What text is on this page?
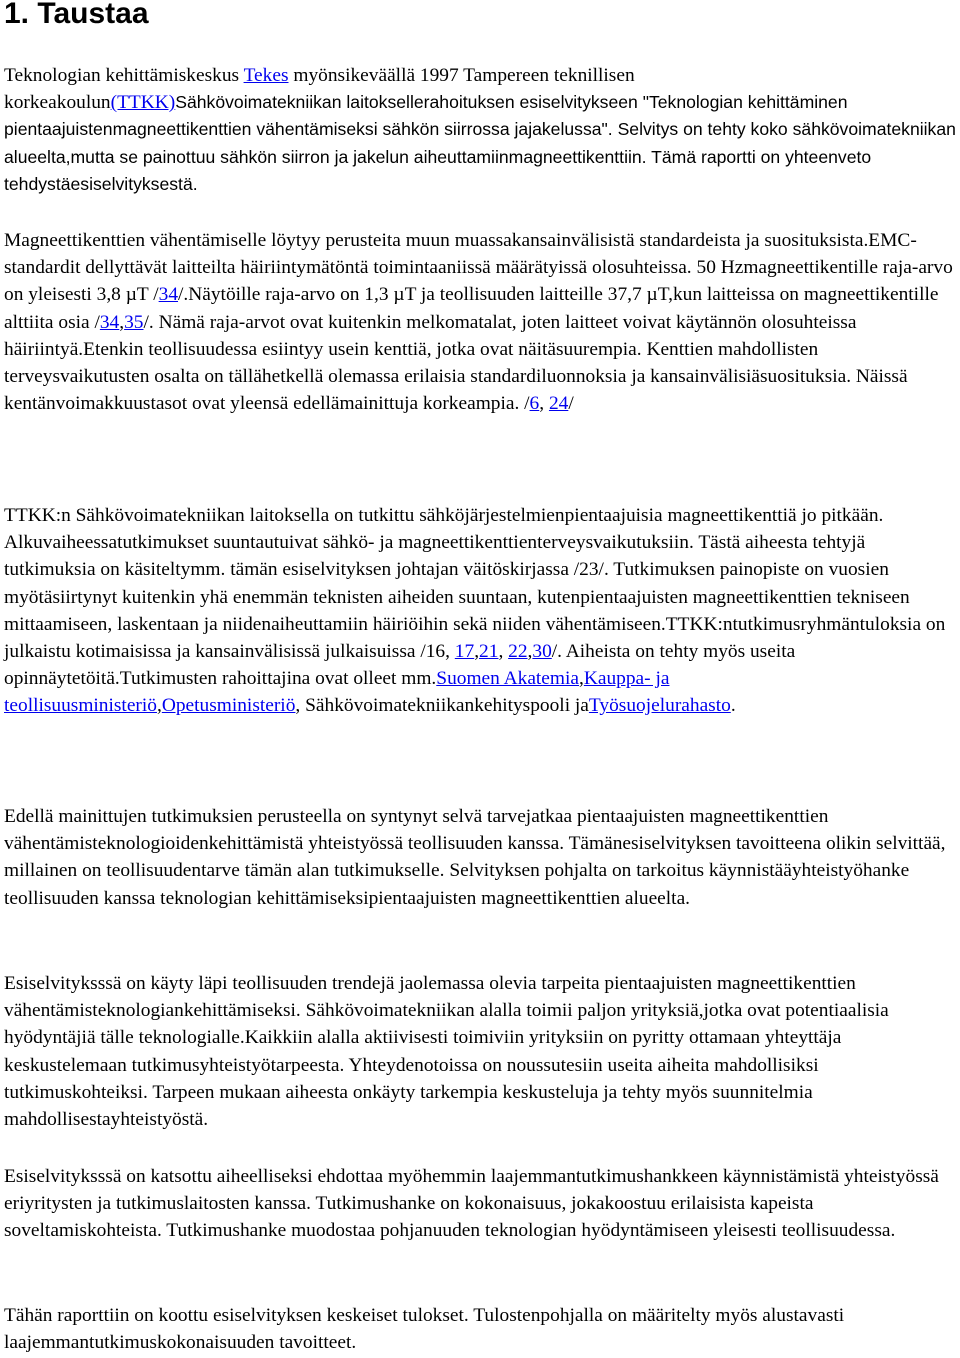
1. Taustaa

Teknologian kehittämiskeskus Tekes myönsikeväällä 1997 Tampereen teknillisen korkeakoulun(TTKK)Sähkövoimatekniikan laitoksellerahoituksen esiselvitykseen "Teknologian kehittäminen pientaajuistenmagneettikenttien vähentämiseksi sähkön siirrossa jajakelussa". Selvitys on tehty koko sähkövoimatekniikan alueelta,mutta se painottuu sähkön siirron ja jakelun aiheuttamiinmagneettikenttiin. Tämä raportti on yhteenveto tehdystäesiselvityksestä.

Magneettikenttien vähentämiselle löytyy perusteita muun muassakansainvälisistä standardeista ja suosituksista.EMC-standardit dellyttävät laitteilta häiriintymätöntä toimintaaniissä määrätyissä olosuhteissa. 50 Hzmagneettikentille raja-arvo on yleisesti 3,8 µT /34/.Näytöille raja-arvo on 1,3 µT ja teollisuuden laitteille 37,7 µT,kun laitteissa on magneettikentille alttiita osia /34,35/. Nämä raja-arvot ovat kuitenkin melkomatalat, joten laitteet voivat käytännön olosuhteissa häiriintyä.Etenkin teollisuudessa esiintyy usein kenttiä, jotka ovat näitäsuurempia. Kenttien mahdollisten terveysvaikutusten osalta on tällähetkellä olemassa erilaisia standardiluonnoksia ja kansainvälisiäsuosituksia. Näissä kentänvoimakkuustasot ovat yleensä edellämainittuja korkeampia. /6, 24/

TTKK:n Sähkövoimatekniikan laitoksella on tutkittu sähköjärjestelmienpientaajuisia magneettikenttiä jo pitkään. Alkuvaiheessatutkimukset suuntautuivat sähkö- ja magneettikenttienterveysvaikutuksiin. Tästä aiheesta tehtyjä tutkimuksia on käsiteltymm. tämän esiselvityksen johtajan väitöskirjassa /23/. Tutkimuksen painopiste on vuosien myötäsiirtynyt kuitenkin yhä enemmän teknisten aiheiden suuntaan, kutenpientaajuisten magneettikenttien tekniseen mittaamiseen, laskentaan ja niidenaiheuttamiin häiriöihin sekä niiden vähentämiseen.TTKK:ntutkimusryhmäntuloksia on julkaistu kotimaisissa ja kansainvälisissä julkaisuissa /16, 17,21, 22,30/. Aiheista on tehty myös useita opinnäytetöitä.Tutkimusten rahoittajina ovat olleet mm.Suomen Akatemia,Kauppa- ja teollisuusministeriö,Opetusministeriö, Sähkövoimatekniikankehityspooli jaTyösuojelurahasto.

Edellä mainittujen tutkimuksien perusteella on syntynyt selvä tarvejatkaa pientaajuisten magneettikenttien vähentämisteknologioidenkehittämistä yhteistyössä teollisuuden kanssa. Tämänesiselvityksen tavoitteena olikin selvittää, millainen on teollisuudentarve tämän alan tutkimukselle. Selvityksen pohjalta on tarkoitus käynnistääyhteistyöhanke teollisuuden kanssa teknologian kehittämiseksipientaajuisten magneettikenttien alueelta.

Esiselvityksssä on käyty läpi teollisuuden trendejä jaolemassa olevia tarpeita pientaajuisten magneettikenttien vähentämisteknologiankehittämiseksi. Sähkövoimatekniikan alalla toimii paljon yrityksiä,jotka ovat potentiaalisia hyödyntäjiä tälle teknologialle.Kaikkiin alalla aktiivisesti toimiviin yrityksiin on pyritty ottamaan yhteyttäja keskustelemaan tutkimusyhteistyötarpeesta. Yhteydenotoissa on noussutesiin useita aiheita mahdollisiksi tutkimuskohteiksi. Tarpeen mukaan aiheesta onkäyty tarkempia keskusteluja ja tehty myös suunnitelmia mahdollisestayhteistyöstä.

Esiselvityksssä on katsottu aiheelliseksi ehdottaa myöhemmin laajemmantutkimushankkeen käynnistämistä yhteistyössä eriyritysten ja tutkimuslaitosten kanssa. Tutkimushanke on kokonaisuus, jokakoostuu erilaisista kapeista soveltamiskohteista. Tutkimushanke muodostaa pohjanuuden teknologian hyödyntämiseen yleisesti teollisuudessa.

Tähän raporttiin on koottu esiselvityksen keskeiset tulokset. Tulostenpohjalla on määritelty myös alustavasti laajemmantutkimuskokonaisuuden tavoitteet.
